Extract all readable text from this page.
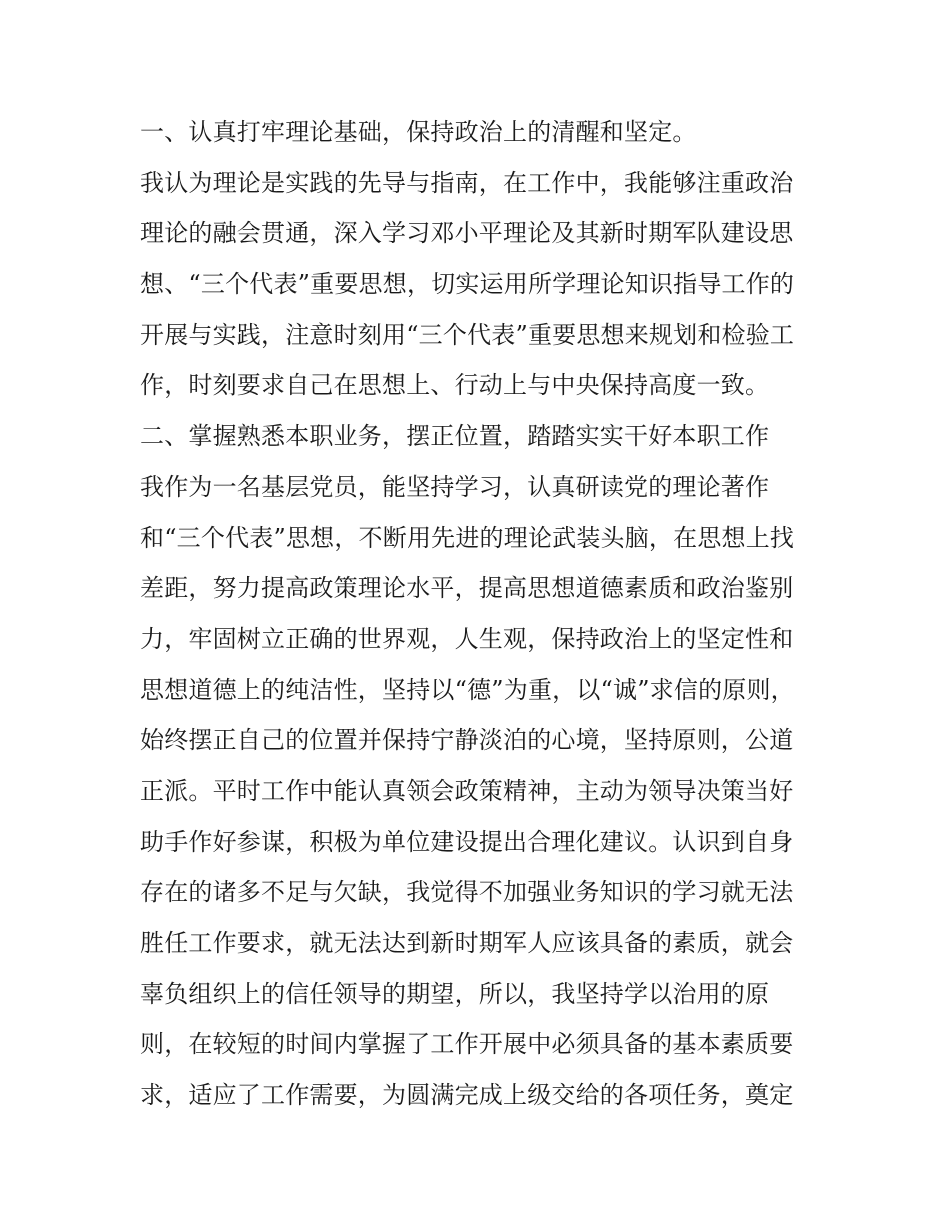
一、认真打牢理论基础，保持政治上的清醒和坚定。
我认为理论是实践的先导与指南，在工作中，我能够注重政治
理论的融会贯通，深入学习邓小平理论及其新时期军队建设思
想、“三个代表”重要思想，切实运用所学理论知识指导工作的
开展与实践，注意时刻用“三个代表”重要思想来规划和检验工
作，时刻要求自己在思想上、行动上与中央保持高度一致。
二、掌握熟悉本职业务，摆正位置，踏踏实实干好本职工作
我作为一名基层党员，能坚持学习，认真研读党的理论著作
和“三个代表”思想，不断用先进的理论武装头脑，在思想上找
差距，努力提高政策理论水平，提高思想道德素质和政治鉴别
力，牢固树立正确的世界观，人生观，保持政治上的坚定性和
思想道德上的纯洁性，坚持以“德”为重，以“诚”求信的原则，
始终摆正自己的位置并保持宁静淡泊的心境，坚持原则，公道
正派。平时工作中能认真领会政策精神，主动为领导决策当好
助手作好参谋，积极为单位建设提出合理化建议。认识到自身
存在的诸多不足与欠缺，我觉得不加强业务知识的学习就无法
胜任工作要求，就无法达到新时期军人应该具备的素质，就会
辜负组织上的信任领导的期望，所以，我坚持学以治用的原
则，在较短的时间内掌握了工作开展中必须具备的基本素质要
求，适应了工作需要，为圆满完成上级交给的各项任务，奠定
